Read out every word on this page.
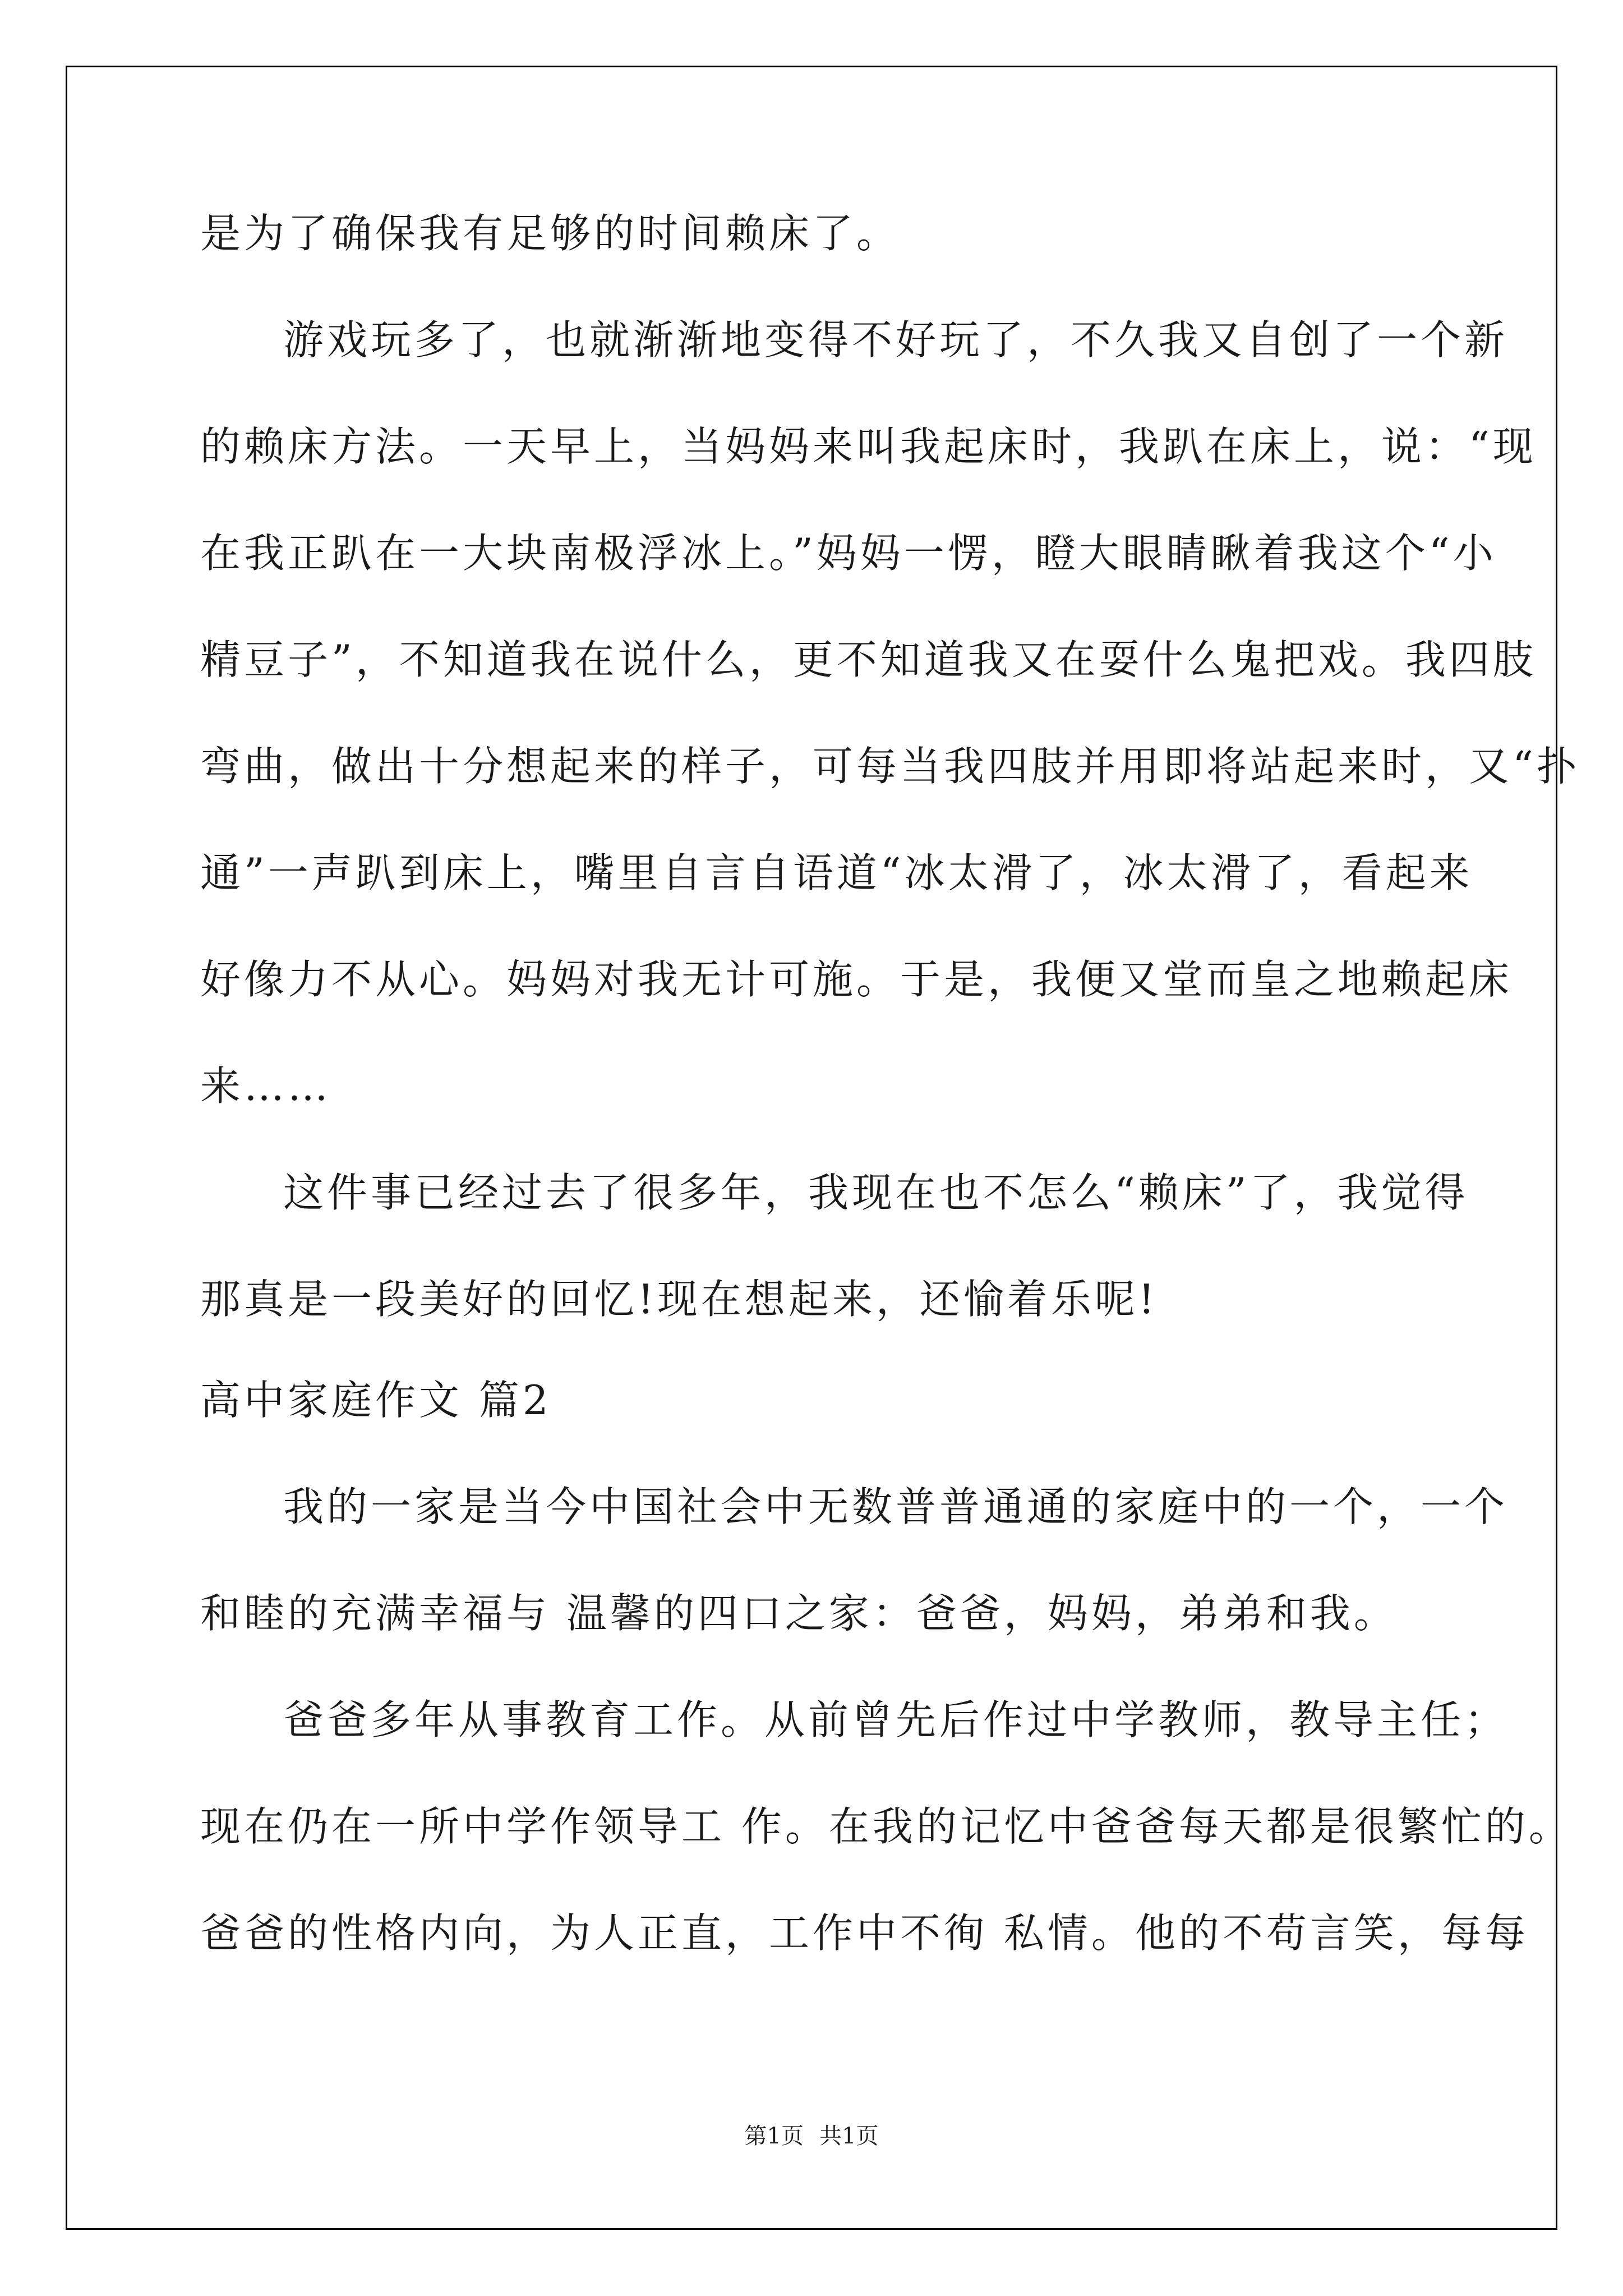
是为了确保我有足够的时间赖床了。
游戏玩多了，也就渐渐地变得不好玩了，不久我又自创了一个新
的赖床方法。一天早上，当妈妈来叫我起床时，我趴在床上，说：“现
在我正趴在一大块南极浮冰上。”妈妈一愣，瞪大眼睛瞅着我这个“小
精豆子”，不知道我在说什么，更不知道我又在耍什么鬼把戏。我四肢
弯曲，做出十分想起来的样子，可每当我四肢并用即将站起来时，又“扑
通”一声趴到床上，嘴里自言自语道“冰太滑了，冰太滑了，看起来
好像力不从心。妈妈对我无计可施。于是，我便又堂而皇之地赖起床
来……
这件事已经过去了很多年，我现在也不怎么“赖床”了，我觉得
那真是一段美好的回忆!现在想起来，还愉着乐呢!
高中家庭作文 篇2
我的一家是当今中国社会中无数普普通通的家庭中的一个，一个
和睦的充满幸福与 温馨的四口之家：爸爸，妈妈，弟弟和我。
爸爸多年从事教育工作。从前曾先后作过中学教师，教导主任；
现在仍在一所中学作领导工 作。在我的记忆中爸爸每天都是很繁忙的。
爸爸的性格内向，为人正直，工作中不徇 私情。他的不苟言笑，每每
第1页 共1页
